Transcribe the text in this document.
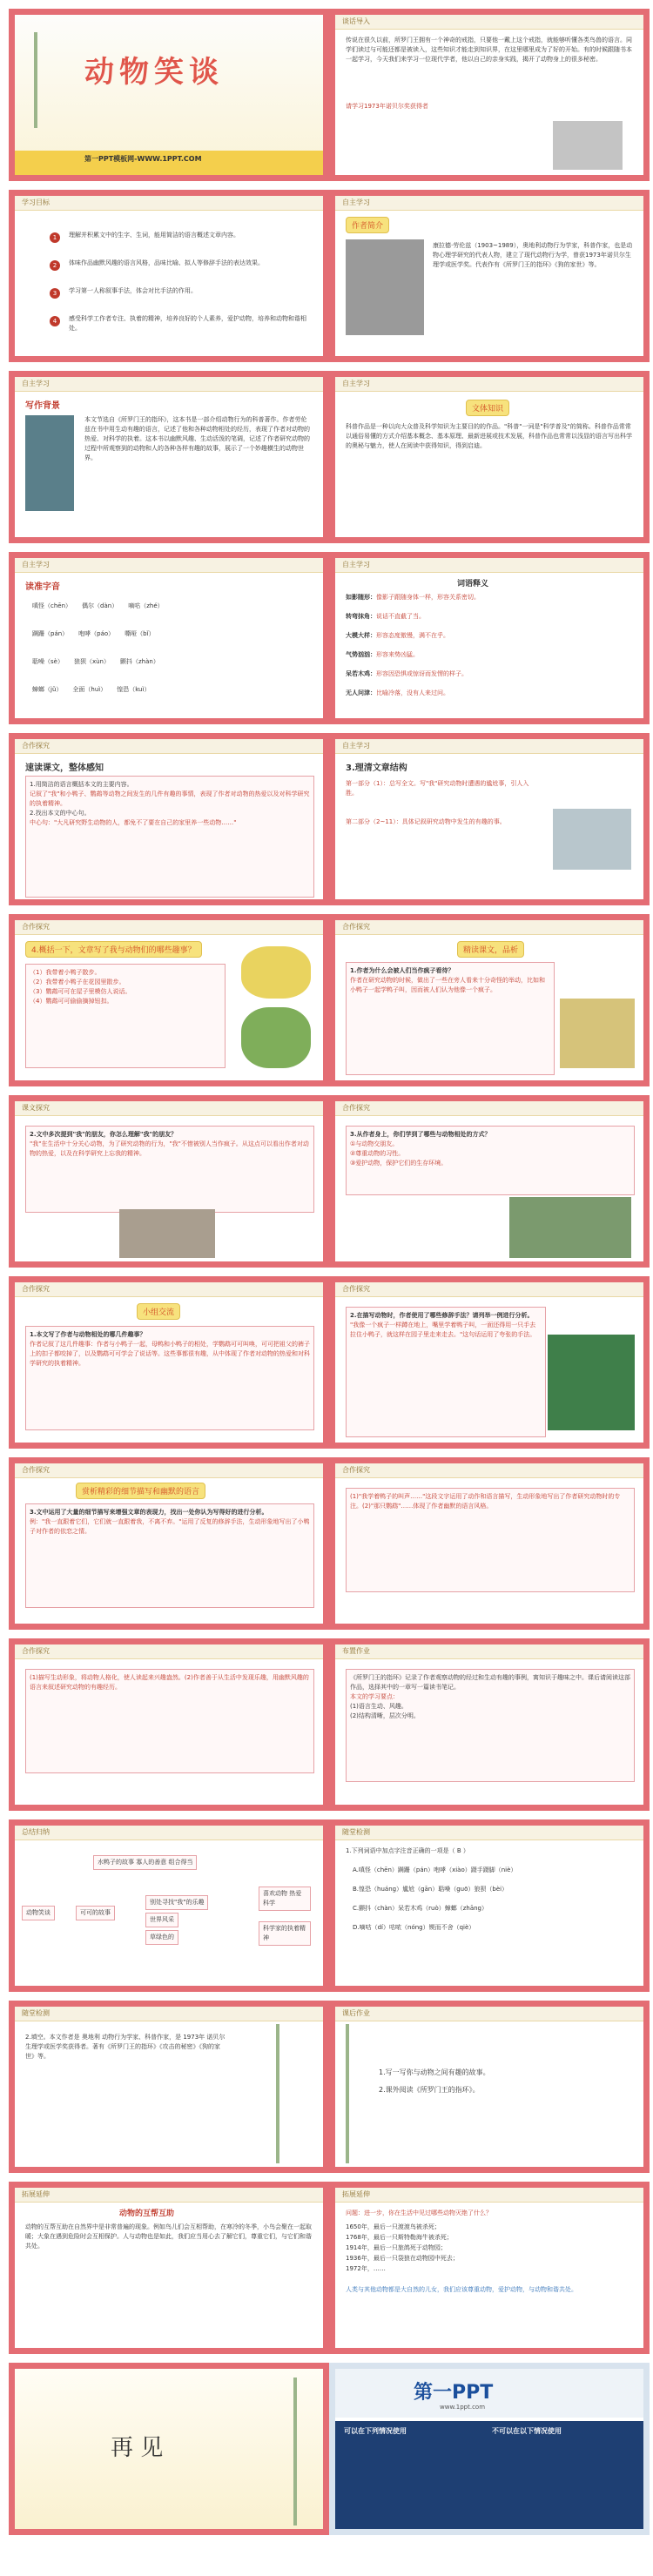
动物笑谈
第一PPT模板网-WWW.1PPT.COM
谈话导入
传说在很久以前，所罗门王拥有一个神奇的戒指，只要他一戴上这个戒指，就能够听懂各类鸟兽的语言。同学们读过与可能还都是被读入，这些知识才能走到知识界，在这里哪里成为了好的开始。有的时候跟随书本一起学习，今天我们来学习一位现代学者，他以自己的亲身实践，揭开了动物身上的很多秘密。
请学习1973年诺贝尔奖获得者
学习目标
1	理解并积累文中的生字、生词，能用简洁的语言概述文章内容。
2	体味作品幽默风趣的语言风格，品味比喻、拟人等修辞手法的表达效果。
3	学习第一人称叙事手法，体会对比手法的作用。
4	感受科学工作者专注、执着的精神，培养良好的个人素养，爱护动物，培养和动物和谐相处。
自主学习
作者简介
康拉德·劳伦兹（1903~1989），奥地利动物行为学家，科普作家，也是动物心理学研究的代表人物，建立了现代动物行为学，曾获1973年诺贝尔生理学或医学奖。代表作有《所罗门王的指环》《狗的家世》等。
自主学习
写作背景
本文节选自《所罗门王的指环》，这本书是一部介绍动物行为的科普著作。作者劳伦兹在书中用生动有趣的语言，记述了他和各种动物相处的经历，表现了作者对动物的热爱、对科学的执着。这本书以幽默风趣、生动活泼的笔调，记述了作者研究动物的过程中所观察到的动物和人的各种各样有趣的故事，展示了一个妙趣横生的动物世界。
自主学习
文体知识
科普作品是一种以向大众普及科学知识为主要目的的作品。"科普"一词是"科学普及"的简称。科普作品常常以通俗易懂的方式介绍基本概念、基本原理、最新进展或技术发展，科普作品也常常以浅显的语言写出科学的奥秘与魅力，使人在阅读中获得知识，得到启迪。
自主学习
读准字音
嗔怪（chēn） 偶尔（dàn） 嘀咕（zhé）
蹒跚（pán） 咆哮（páo） 嘶哑（bǐ）
聒噪（sè） 狼狈（xùn） 颤抖（zhàn）
蟑螂（jǔ） 全面（huì） 惶恐（kuì）
自主学习
词语释义
如影随形：像影子跟随身体一样，形容关系密切。
转弯抹角：说话不直截了当。
大模大样：形容态度傲慢，满不在乎。
气势汹汹：形容来势凶猛。
呆若木鸡：形容因恐惧或惊讶而发愣的样子。
无人问津：比喻冷落，没有人来过问。
合作探究
速读课文，整体感知
1.用简洁的语言概括本文的主要内容。
记叙了"我"和小鸭子、鹦鹉等动物之间发生的几件有趣的事情，表现了作者对动物的热爱以及对科学研究的执着精神。
2.找出本文的中心句。
中心句："大凡研究野生动物的人，都免不了要在自己的家里养一些动物……"
自主学习
3.理清文章结构
第一部分（1）：总写全文。写"我"研究动物时遭遇的尴尬事，引人入胜。
第二部分（2~11）：具体记叙研究动物中发生的有趣的事。
合作探究
4.概括一下，文章写了我与动物们的哪些趣事？
（1）我带着小鸭子散步。
（2）我带着小鸭子在花园里散步。
（3）鹦鹉可可在屋子里模仿人说话。
（4）鹦鹉可可偷偷摘掉钮扣。
合作探究
精读课文，品析
1.作者为什么会被人们当作疯子看待？
作者在研究动物的时候，做出了一些在旁人看来十分奇怪的举动，比如和小鸭子一起学鸭子叫，因而被人们认为他像一个疯子。
课文探究
2.文中多次提到"我"的朋友，你怎么理解"我"的朋友？
"我"在生活中十分关心动物，为了研究动物的行为，"我"不惜被别人当作疯子。从这点可以看出作者对动物的热爱，以及在科学研究上忘我的精神。
合作探究
3.从作者身上，你们学到了哪些与动物相处的方式？
①与动物交朋友。
②尊重动物的习性。
③爱护动物，保护它们的生存环境。
合作探究
小组交流
1.本文写了作者与动物相处的哪几件趣事？
作者记叙了这几件趣事：作者与小鸭子一起，母鸭和小鸭子的相处，学鹦鹉可可叫唤，可可把祖父的裤子上的扣子都咬掉了，以及鹦鹉可可学会了说话等。这些事都很有趣，从中体现了作者对动物的热爱和对科学研究的执着精神。
合作探究
2.在描写动物时，作者使用了哪些修辞手法？请列举一例进行分析。
"我像一个疯子一样蹲在地上，嘴里学着鸭子叫，一面还得用一只手去拉住小鸭子，就这样在园子里走来走去。"这句话运用了夸张的手法。
合作探究
赏析精彩的细节描写和幽默的语言
3.文中运用了大量的细节描写来增强文章的表现力，找出一处你认为写得好的进行分析。
例："我一直跟着它们，它们就一直跟着我，不离不弃。"运用了反复的修辞手法，生动形象地写出了小鸭子对作者的依恋之情。
合作探究
(1)"我学着鸭子的叫声……"这段文字运用了动作和语言描写，生动形象地写出了作者研究动物时的专注。(2)"那只鹦鹉"……体现了作者幽默的语言风格。
合作探究
(1)描写生动形象，将动物人格化，使人读起来兴趣盎然。(2)作者善于从生活中发现乐趣，用幽默风趣的语言来叙述研究动物的有趣经历。
布置作业
《所罗门王的指环》记录了作者观察动物的经过和生动有趣的事例，寓知识于趣味之中。课后请阅读这部作品，选择其中的一章写一篇读书笔记。
本文的学习要点：
(1)语言生动、风趣。
(2)结构清晰，层次分明。
总结归纳
动物笑谈
水鸭子的故事 寡人的善意 组合得当
可可的故事
别处寻找"我"的乐趣
世界风采
草绿色的
喜欢动物 热爱科学
科学家的执着精神
随堂检测
1.下列词语中加点字注音正确的一项是（ B ）
A.嗔怪（chēn）蹒跚（pán）咆哮（xiào）蹑手蹑脚（niè）
B.惶恐（huáng）尴尬（gān）聒噪（guō）狼狈（bèi）
C.颤抖（chàn）呆若木鸡（ruò）蟑螂（zhāng）
D.嘀咕（dí）咕哝（nóng）锲而不舍（qiè）
随堂检测
2.填空。本文作者是 奥地利 动物行为学家、科普作家，是 1973年 诺贝尔生理学或医学奖获得者。著有《所罗门王的指环》《攻击的秘密》《狗的家世》等。
课后作业
1.写一写你与动物之间有趣的故事。
2.课外阅读《所罗门王的指环》。
拓展延伸
动物的互帮互助
动物的互帮互助在自然界中是非常普遍的现象。例如鸟儿们会互相帮助，在寒冷的冬季，小鸟会聚在一起取暖；大象在遇到危险时会互相保护。人与动物也是如此，我们应当用心去了解它们，尊重它们，与它们和谐共处。
拓展延伸
问题：进一步，你在生活中见过哪些动物灭绝了什么？
1650年，最后一只渡渡鸟被杀死；
1768年，最后一只斯特勒海牛被杀死；
1914年，最后一只旅鸽死于动物园；
1936年，最后一只袋狼在动物园中死去；
1972年，……
人类与其他动物都是大自然的儿女，我们应该尊重动物，爱护动物，与动物和谐共处。
再 见
第一PPT
www.1ppt.com
可以在下列情况使用	不可以在以下情况使用
